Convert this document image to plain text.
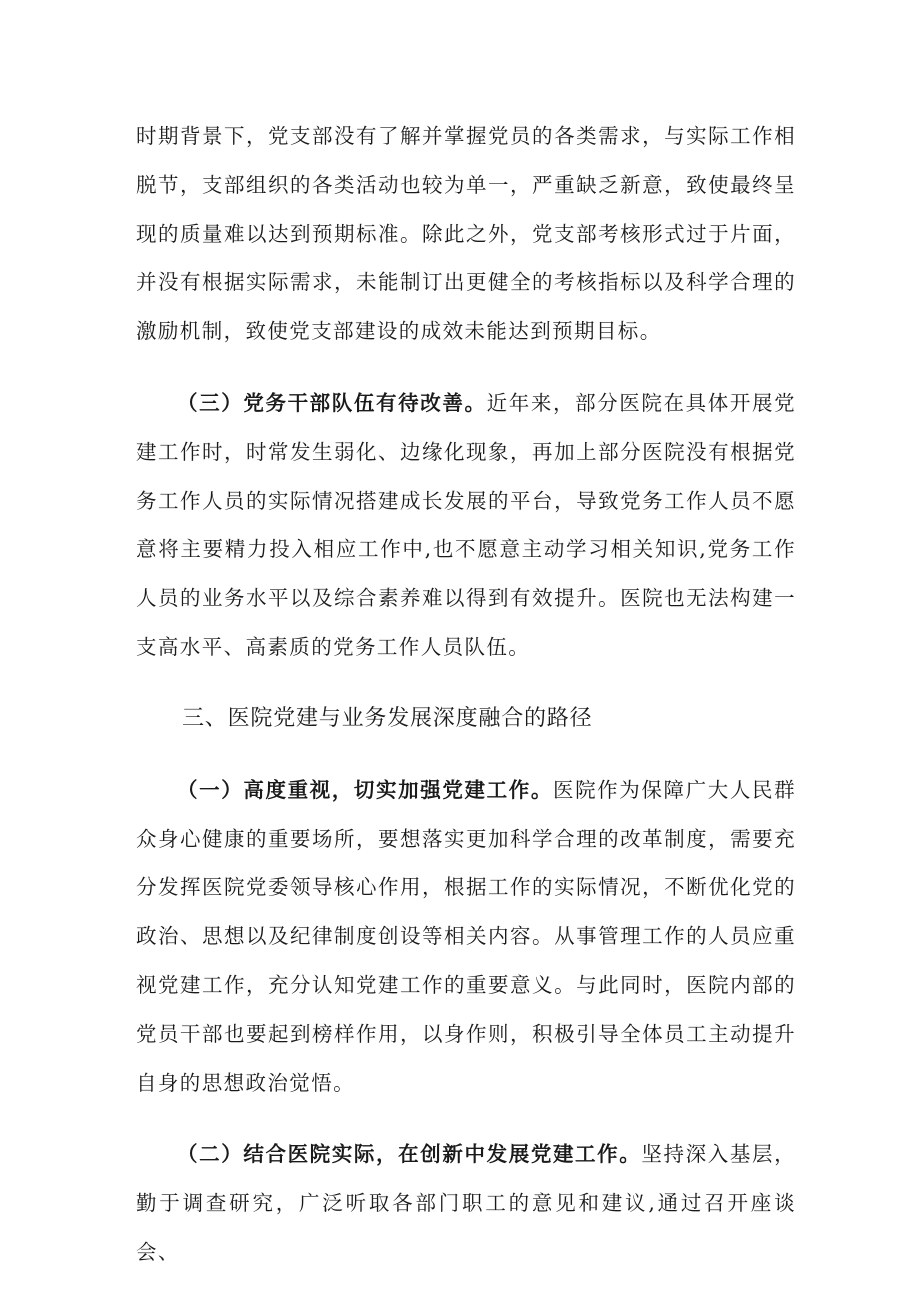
时期背景下，党支部没有了解并掌握党员的各类需求，与实际工作相脱节，支部组织的各类活动也较为单一，严重缺乏新意，致使最终呈现的质量难以达到预期标准。除此之外，党支部考核形式过于片面，并没有根据实际需求，未能制订出更健全的考核指标以及科学合理的激励机制，致使党支部建设的成效未能达到预期目标。

（三）党务干部队伍有待改善。近年来，部分医院在具体开展党建工作时，时常发生弱化、边缘化现象，再加上部分医院没有根据党务工作人员的实际情况搭建成长发展的平台，导致党务工作人员不愿意将主要精力投入相应工作中,也不愿意主动学习相关知识,党务工作人员的业务水平以及综合素养难以得到有效提升。医院也无法构建一支高水平、高素质的党务工作人员队伍。

三、医院党建与业务发展深度融合的路径

（一）高度重视，切实加强党建工作。医院作为保障广大人民群众身心健康的重要场所，要想落实更加科学合理的改革制度，需要充分发挥医院党委领导核心作用，根据工作的实际情况，不断优化党的政治、思想以及纪律制度创设等相关内容。从事管理工作的人员应重视党建工作，充分认知党建工作的重要意义。与此同时，医院内部的党员干部也要起到榜样作用，以身作则，积极引导全体员工主动提升自身的思想政治觉悟。

（二）结合医院实际，在创新中发展党建工作。坚持深入基层，勤于调查研究，广泛听取各部门职工的意见和建议,通过召开座谈会、
